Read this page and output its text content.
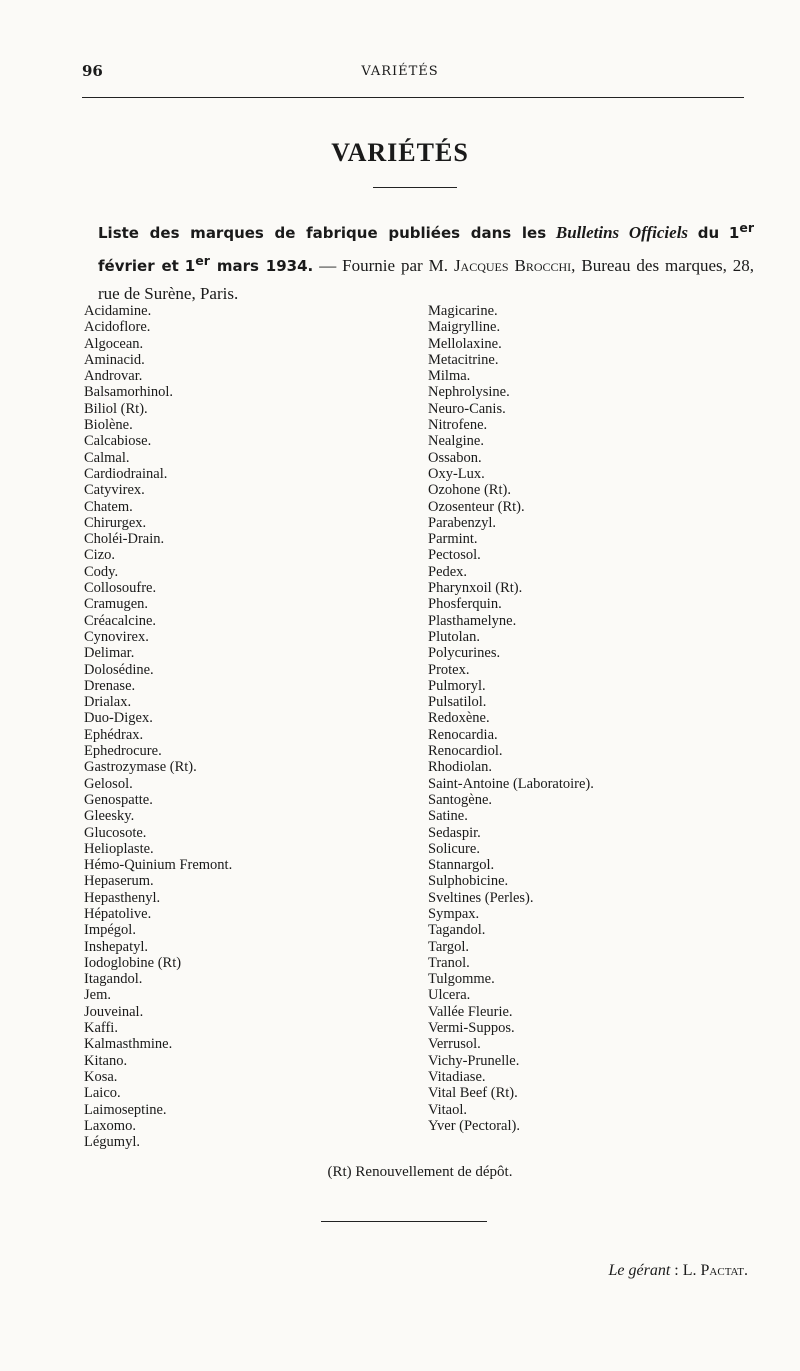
96	VARIÉTÉS
VARIÉTÉS
Liste des marques de fabrique publiées dans les Bulletins Officiels du 1er février et 1er mars 1934. — Fournie par M. Jacques Brocchi, Bureau des marques, 28, rue de Surène, Paris.
Acidamine.
Acidoflore.
Algocean.
Aminacid.
Androvar.
Balsamorhinol.
Biliol (Rt).
Biolène.
Calcabiose.
Calmal.
Cardiodrainal.
Catyvirex.
Chatem.
Chirurgex.
Choléi-Drain.
Cizo.
Cody.
Collosoufre.
Cramugen.
Créacalcine.
Cynovirex.
Delimar.
Dolosédine.
Drenase.
Drialax.
Duo-Digex.
Ephédrax.
Ephedrocure.
Gastrozymase (Rt).
Gelosol.
Genospatte.
Gleesky.
Glucosote.
Helioplaste.
Hémo-Quinium Fremont.
Hepaserum.
Hepasthenyl.
Hépatolive.
Impégol.
Inshepatyl.
Iodoglobine (Rt)
Itagandol.
Jem.
Jouveinal.
Kaffi.
Kalmasthmine.
Kitano.
Kosa.
Laico.
Laimoseptine.
Laxomo.
Légumyl.
Magicarine.
Maigrylline.
Mellolaxine.
Metacitrine.
Milma.
Nephrolysine.
Neuro-Canis.
Nitrofene.
Nealgine.
Ossabon.
Oxy-Lux.
Ozohone (Rt).
Ozosenteur (Rt).
Parabenzyl.
Parmint.
Pectosol.
Pedex.
Pharynxoil (Rt).
Phosferquin.
Plasthamelyne.
Plutolan.
Polycurines.
Protex.
Pulmoryl.
Pulsatilol.
Redoxène.
Renocardia.
Renocardiol.
Rhodiolan.
Saint-Antoine (Laboratoire).
Santogène.
Satine.
Sedaspir.
Solicure.
Stannargol.
Sulphobicine.
Sveltines (Perles).
Sympax.
Tagandol.
Targol.
Tranol.
Tulgomme.
Ulcera.
Vallée Fleurie.
Vermi-Suppos.
Verrusol.
Vichy-Prunelle.
Vitadiase.
Vital Beef (Rt).
Vitaol.
Yver (Pectoral).
(Rt) Renouvellement de dépôt.
Le gérant : L. Pactat.
